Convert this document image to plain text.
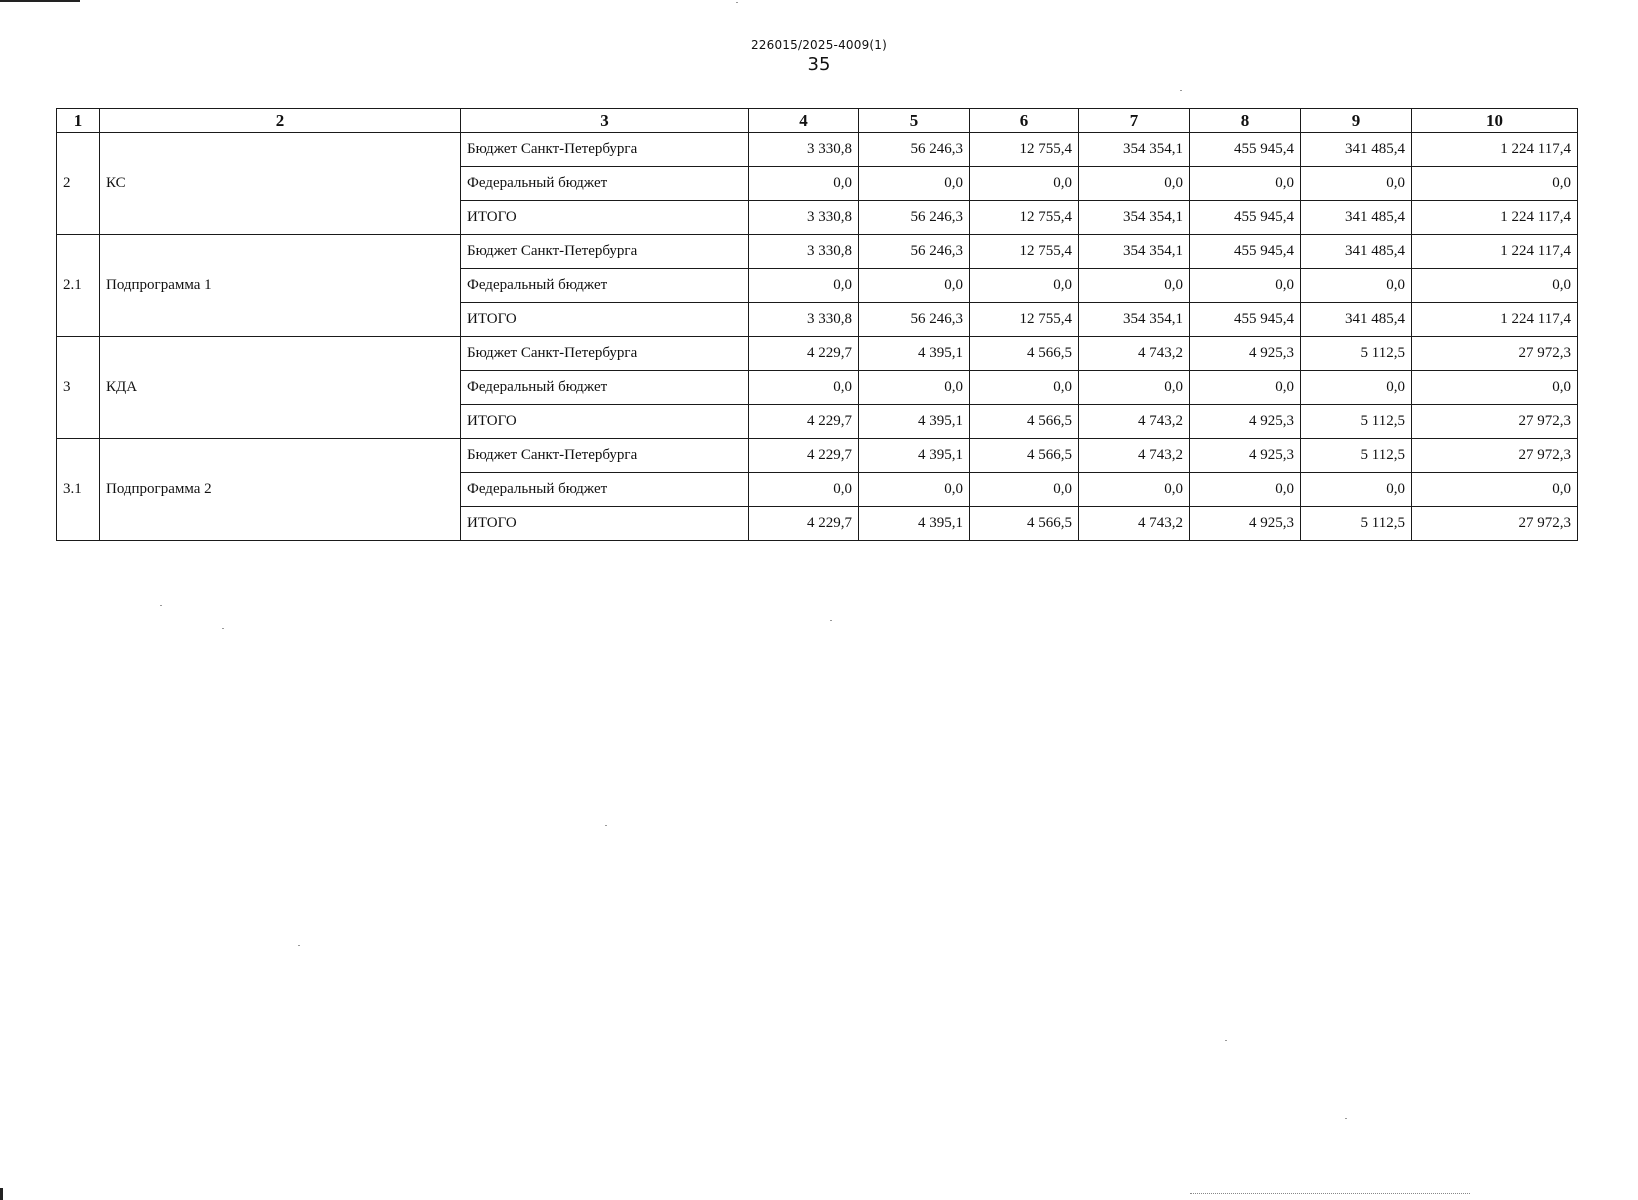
226015/2025-4009(1)
35
1	2	3	4	5	6	7	8	9	10
2	КС	Бюджет Санкт-Петербурга	3 330,8	56 246,3	12 755,4	354 354,1	455 945,4	341 485,4	1 224 117,4
		Федеральный бюджет	0,0	0,0	0,0	0,0	0,0	0,0	0,0
		ИТОГО	3 330,8	56 246,3	12 755,4	354 354,1	455 945,4	341 485,4	1 224 117,4
2.1	Подпрограмма 1	Бюджет Санкт-Петербурга	3 330,8	56 246,3	12 755,4	354 354,1	455 945,4	341 485,4	1 224 117,4
		Федеральный бюджет	0,0	0,0	0,0	0,0	0,0	0,0	0,0
		ИТОГО	3 330,8	56 246,3	12 755,4	354 354,1	455 945,4	341 485,4	1 224 117,4
3	КДА	Бюджет Санкт-Петербурга	4 229,7	4 395,1	4 566,5	4 743,2	4 925,3	5 112,5	27 972,3
		Федеральный бюджет	0,0	0,0	0,0	0,0	0,0	0,0	0,0
		ИТОГО	4 229,7	4 395,1	4 566,5	4 743,2	4 925,3	5 112,5	27 972,3
3.1	Подпрограмма 2	Бюджет Санкт-Петербурга	4 229,7	4 395,1	4 566,5	4 743,2	4 925,3	5 112,5	27 972,3
		Федеральный бюджет	0,0	0,0	0,0	0,0	0,0	0,0	0,0
		ИТОГО	4 229,7	4 395,1	4 566,5	4 743,2	4 925,3	5 112,5	27 972,3
